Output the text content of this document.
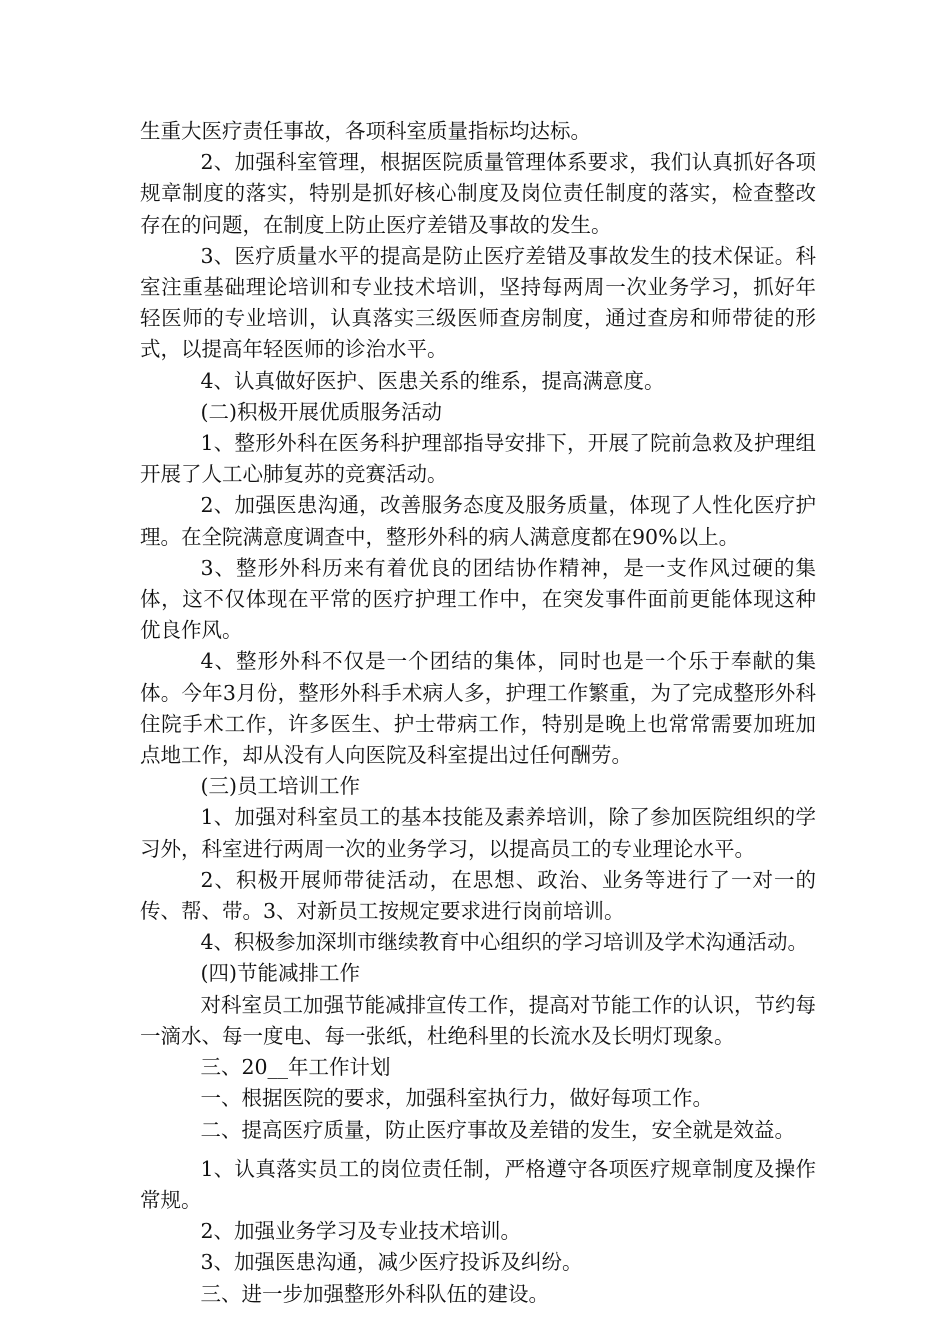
生重大医疗责任事故，各项科室质量指标均达标。

2、加强科室管理，根据医院质量管理体系要求，我们认真抓好各项规章制度的落实，特别是抓好核心制度及岗位责任制度的落实，检查整改存在的问题，在制度上防止医疗差错及事故的发生。

3、医疗质量水平的提高是防止医疗差错及事故发生的技术保证。科室注重基础理论培训和专业技术培训，坚持每两周一次业务学习，抓好年轻医师的专业培训，认真落实三级医师查房制度，通过查房和师带徒的形式，以提高年轻医师的诊治水平。

4、认真做好医护、医患关系的维系，提高满意度。

(二)积极开展优质服务活动

1、整形外科在医务科护理部指导安排下，开展了院前急救及护理组开展了人工心肺复苏的竞赛活动。

2、加强医患沟通，改善服务态度及服务质量，体现了人性化医疗护理。在全院满意度调查中，整形外科的病人满意度都在90%以上。

3、整形外科历来有着优良的团结协作精神，是一支作风过硬的集体，这不仅体现在平常的医疗护理工作中，在突发事件面前更能体现这种优良作风。

4、整形外科不仅是一个团结的集体，同时也是一个乐于奉献的集体。今年3月份，整形外科手术病人多，护理工作繁重，为了完成整形外科住院手术工作，许多医生、护士带病工作，特别是晚上也常常需要加班加点地工作，却从没有人向医院及科室提出过任何酬劳。

(三)员工培训工作

1、加强对科室员工的基本技能及素养培训，除了参加医院组织的学习外，科室进行两周一次的业务学习，以提高员工的专业理论水平。

2、积极开展师带徒活动，在思想、政治、业务等进行了一对一的传、帮、带。3、对新员工按规定要求进行岗前培训。

4、积极参加深圳市继续教育中心组织的学习培训及学术沟通活动。

(四)节能减排工作

对科室员工加强节能减排宣传工作，提高对节能工作的认识，节约每一滴水、每一度电、每一张纸，杜绝科里的长流水及长明灯现象。

三、20__年工作计划

一、根据医院的要求，加强科室执行力，做好每项工作。

二、提高医疗质量，防止医疗事故及差错的发生，安全就是效益。

1、认真落实员工的岗位责任制，严格遵守各项医疗规章制度及操作常规。

2、加强业务学习及专业技术培训。

3、加强医患沟通，减少医疗投诉及纠纷。

三、进一步加强整形外科队伍的建设。
